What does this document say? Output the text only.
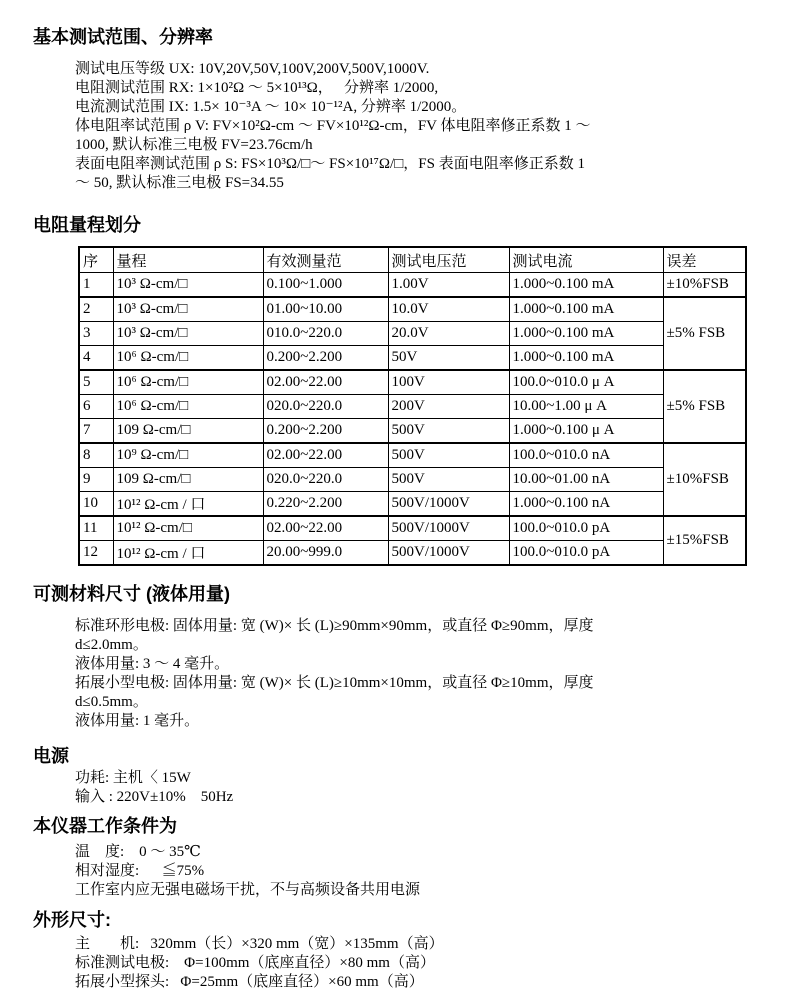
基本测试范围、分辨率
测试电压等级 UX: 10V,20V,50V,100V,200V,500V,1000V.
电阻测试范围 RX: 1×10²Ω ～ 5×10¹³Ω，   分辨率 1/2000,
电流测试范围 IX: 1.5× 10⁻³A ～ 10× 10⁻¹²A, 分辨率 1/2000。
体电阻率试范围 ρ V: FV×10²Ω-cm ～ FV×10¹²Ω-cm，FV 体电阻率修正系数 1 ～
1000, 默认标准三电极 FV=23.76cm/h
表面电阻率测试范围 ρ S: FS×10³Ω/□～ FS×10¹⁷Ω/□，FS 表面电阻率修正系数 1
～ 50, 默认标准三电极 FS=34.55
电阻量程划分
序	量程	有效测量范	测试电压范	测试电流	误差
1	10³ Ω-cm/□	0.100~1.000	1.00V	1.000~0.100 mA	±10%FSB
2	10³ Ω-cm/□	01.00~10.00	10.0V	1.000~0.100 mA	±5% FSB
3	10³ Ω-cm/□	010.0~220.0	20.0V	1.000~0.100 mA	
4	10⁶ Ω-cm/□	0.200~2.200	50V	1.000~0.100 mA	
5	10⁶ Ω-cm/□	02.00~22.00	100V	100.0~010.0 μ A	±5% FSB
6	10⁶ Ω-cm/□	020.0~220.0	200V	10.00~1.00 μ A	
7	109 Ω-cm/□	0.200~2.200	500V	1.000~0.100 μ A	
8	10⁹ Ω-cm/□	02.00~22.00	500V	100.0~010.0 nA	±10%FSB
9	109 Ω-cm/□	020.0~220.0	500V	10.00~01.00 nA	
10	10¹² Ω-cm / 口	0.220~2.200	500V/1000V	1.000~0.100 nA	
11	10¹² Ω-cm/□	02.00~22.00	500V/1000V	100.0~010.0 pA	±15%FSB
12	10¹² Ω-cm / 口	20.00~999.0	500V/1000V	100.0~010.0 pA	
可测材料尺寸 (液体用量)
标准环形电极: 固体用量: 宽 (W)× 长 (L)≥90mm×90mm，或直径 Φ≥90mm，厚度
d≤2.0mm。
液体用量: 3 ～ 4 毫升。
拓展小型电极: 固体用量: 宽 (W)× 长 (L)≥10mm×10mm，或直径 Φ≥10mm，厚度
d≤0.5mm。
液体用量: 1 毫升。
电源
功耗: 主机〈 15W
输入 : 220V±10%    50Hz
本仪器工作条件为
温    度:    0 ～ 35℃
相对湿度:      ≦75%
工作室内应无强电磁场干扰，不与高频设备共用电源
外形尺寸:
主        机:   320mm（长）×320 mm（宽）×135mm（高）
标准测试电极:    Φ=100mm（底座直径）×80 mm（高）
拓展小型探头:   Φ=25mm（底座直径）×60 mm（高）
